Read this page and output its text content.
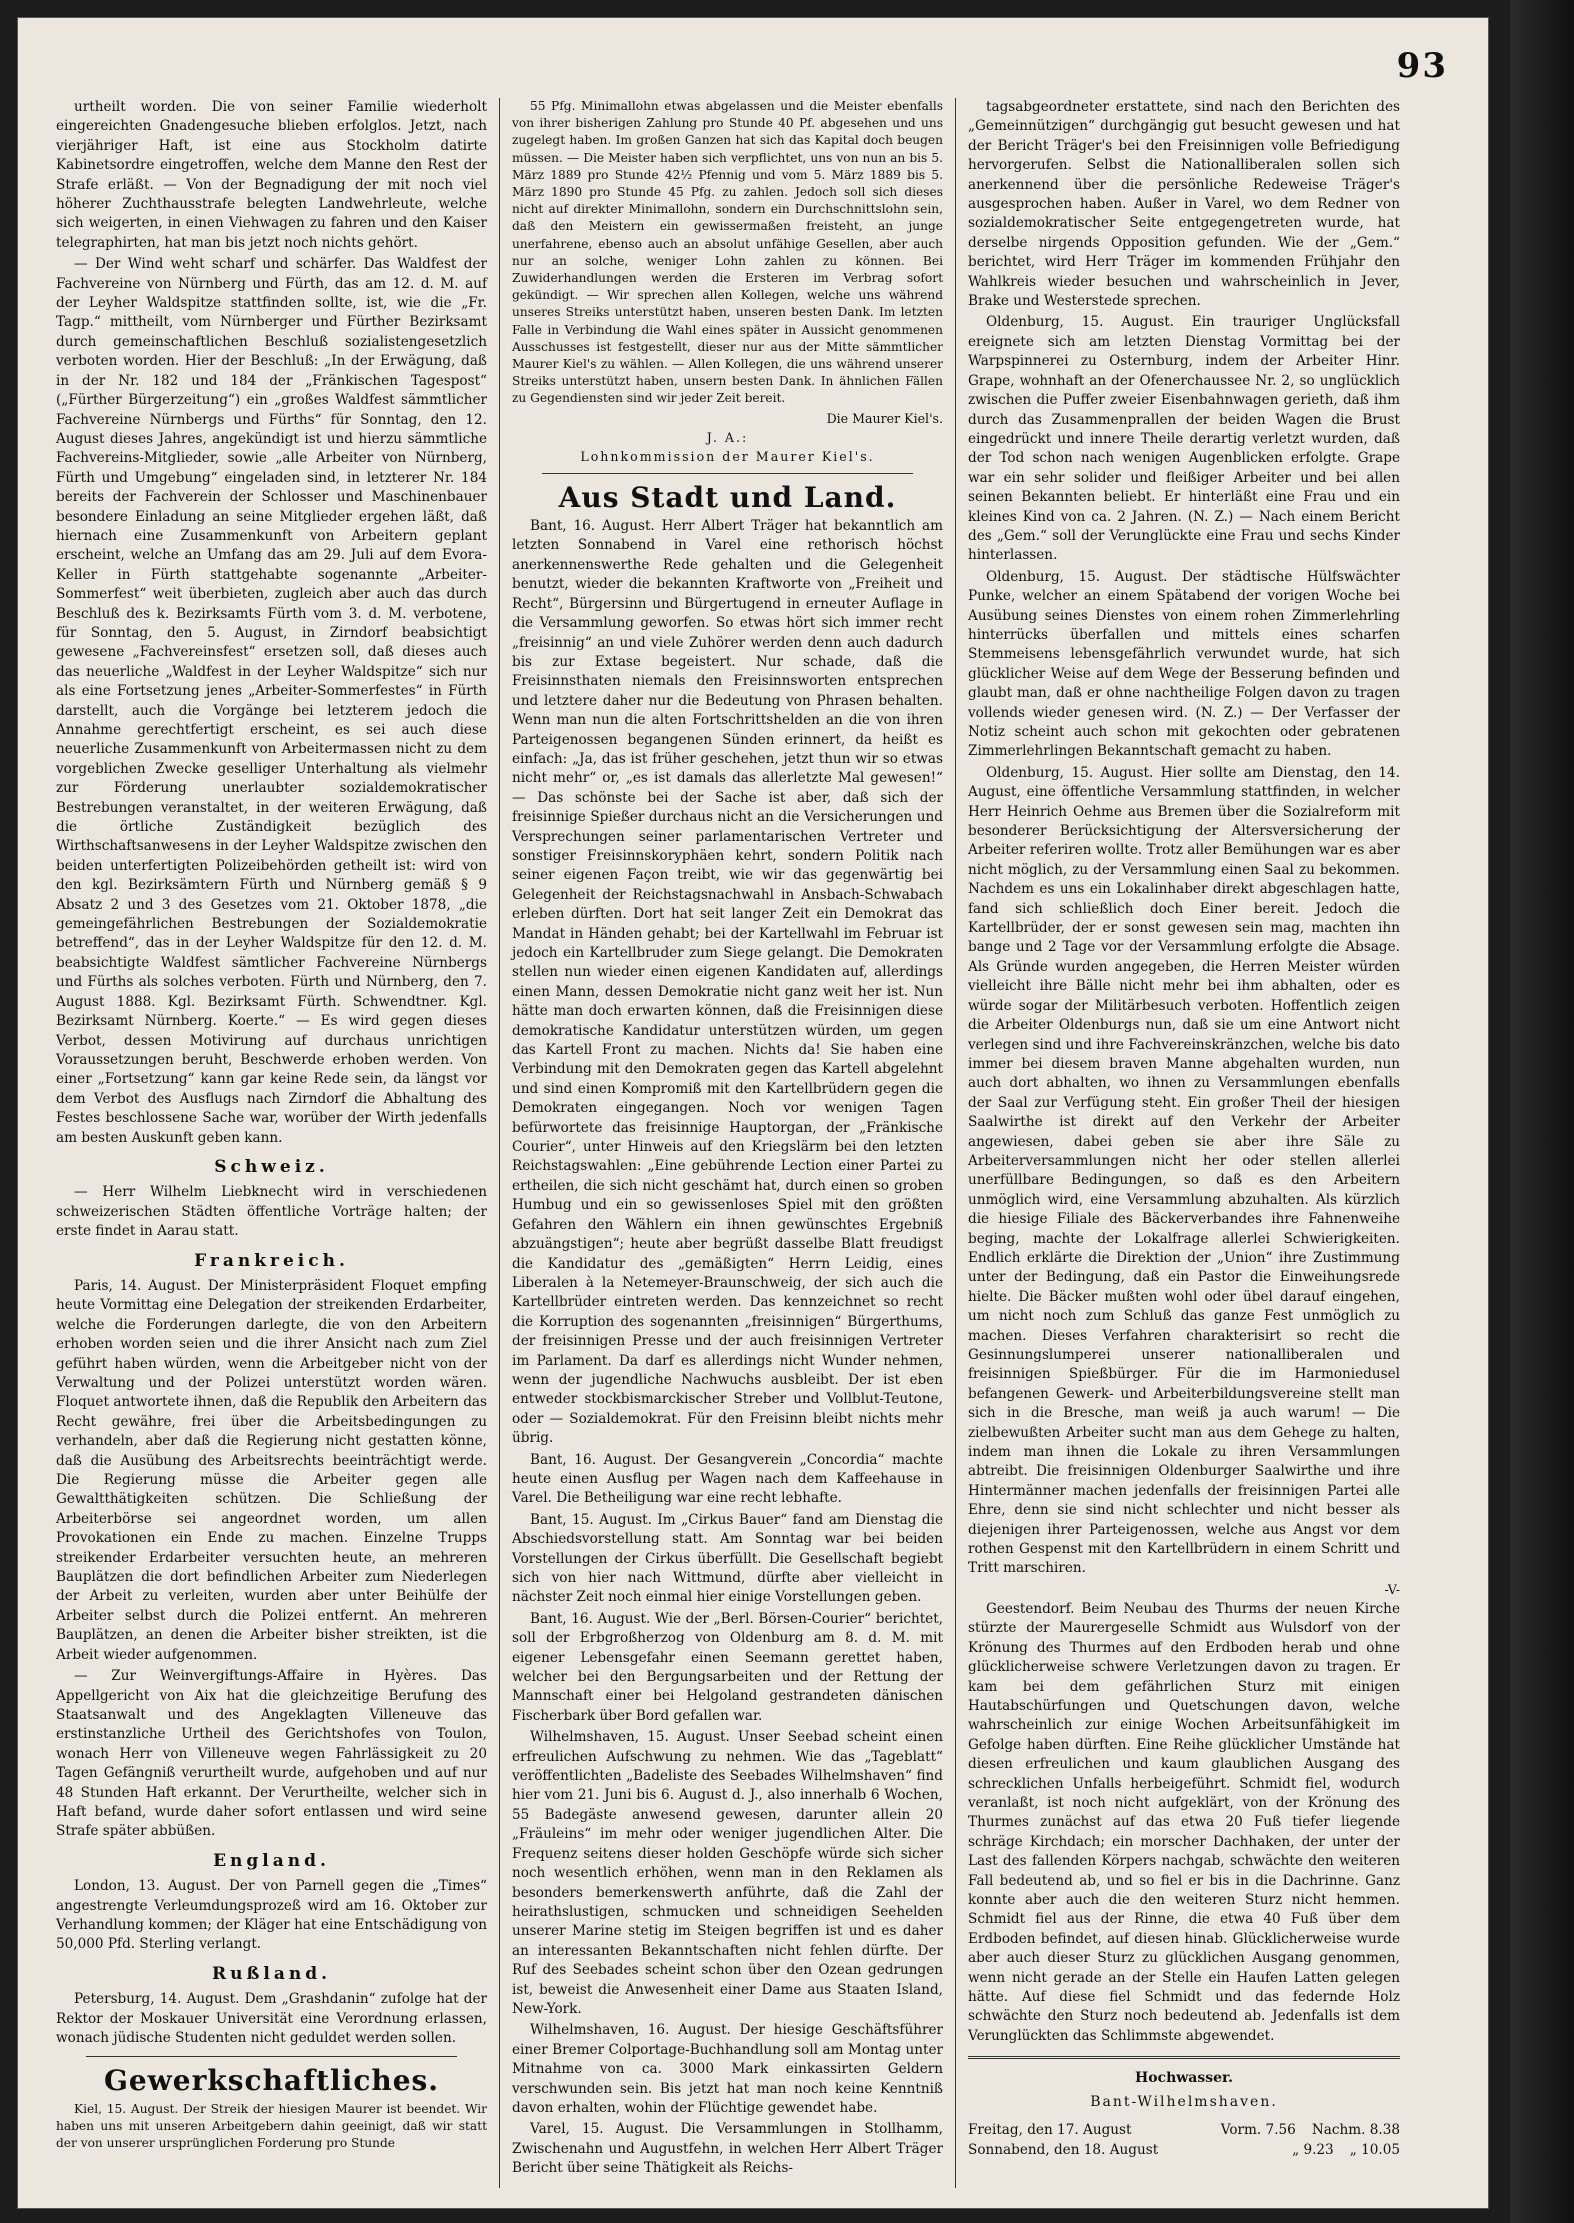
93

urtheilt worden. Die von seiner Familie wiederholt eingereichten Gnadengesuche blieben erfolglos. Jetzt, nach vierjähriger Haft, ist eine aus Stockholm datirte Kabinetsordre eingetroffen, welche dem Manne den Rest der Strafe erläßt. — Von der Begnadigung der mit noch viel höherer Zuchthausstrafe belegten Landwehrleute, welche sich weigerten, in einen Viehwagen zu fahren und den Kaiser telegraphirten, hat man bis jetzt noch nichts gehört.

— Der Wind weht scharf und schärfer. Das Waldfest der Fachvereine von Nürnberg und Fürth, das am 12. d. M. auf der Leyher Waldspitze stattfinden sollte, ist, wie die „Fr. Tagp.“ mittheilt, vom Nürnberger und Fürther Bezirksamt durch gemeinschaftlichen Beschluß sozialistengesetzlich verboten worden. Hier der Beschluß: „In der Erwägung, daß in der Nr. 182 und 184 der „Fränkischen Tagespost“ („Fürther Bürgerzeitung“) ein „großes Waldfest sämmtlicher Fachvereine Nürnbergs und Fürths“ für Sonntag, den 12. August dieses Jahres, angekündigt ist und hierzu sämmtliche Fachvereins-Mitglieder, sowie „alle Arbeiter von Nürnberg, Fürth und Umgebung“ eingeladen sind, in letzterer Nr. 184 bereits der Fachverein der Schlosser und Maschinenbauer besondere Einladung an seine Mitglieder ergehen läßt, daß hiernach eine Zusammenkunft von Arbeitern geplant erscheint, welche an Umfang das am 29. Juli auf dem Evora-Keller in Fürth stattgehabte sogenannte „Arbeiter-Sommerfest“ weit überbieten, zugleich aber auch das durch Beschluß des k. Bezirksamts Fürth vom 3. d. M. verbotene, für Sonntag, den 5. August, in Zirndorf beabsichtigt gewesene „Fachvereinsfest“ ersetzen soll, daß dieses auch das neuerliche „Waldfest in der Leyher Waldspitze“ sich nur als eine Fortsetzung jenes „Arbeiter-Sommerfestes“ in Fürth darstellt, auch die Vorgänge bei letzterem jedoch die Annahme gerechtfertigt erscheint, es sei auch diese neuerliche Zusammenkunft von Arbeitermassen nicht zu dem vorgeblichen Zwecke geselliger Unterhaltung als vielmehr zur Förderung unerlaubter sozialdemokratischer Bestrebungen veranstaltet, in der weiteren Erwägung, daß die örtliche Zuständigkeit bezüglich des Wirthschaftsanwesens in der Leyher Waldspitze zwischen den beiden unterfertigten Polizeibehörden getheilt ist: wird von den kgl. Bezirksämtern Fürth und Nürnberg gemäß § 9 Absatz 2 und 3 des Gesetzes vom 21. Oktober 1878, „die gemeingefährlichen Bestrebungen der Sozialdemokratie betreffend“, das in der Leyher Waldspitze für den 12. d. M. beabsichtigte Waldfest sämtlicher Fachvereine Nürnbergs und Fürths als solches verboten. Fürth und Nürnberg, den 7. August 1888. Kgl. Bezirksamt Fürth. Schwendtner. Kgl. Bezirksamt Nürnberg. Koerte.“ — Es wird gegen dieses Verbot, dessen Motivirung auf durchaus unrichtigen Voraussetzungen beruht, Beschwerde erhoben werden. Von einer „Fortsetzung“ kann gar keine Rede sein, da längst vor dem Verbot des Ausflugs nach Zirndorf die Abhaltung des Festes beschlossene Sache war, worüber der Wirth jedenfalls am besten Auskunft geben kann.

Schweiz.

— Herr Wilhelm Liebknecht wird in verschiedenen schweizerischen Städten öffentliche Vorträge halten; der erste findet in Aarau statt.

Frankreich.

Paris, 14. August. Der Ministerpräsident Floquet empfing heute Vormittag eine Delegation der streikenden Erdarbeiter, welche die Forderungen darlegte, die von den Arbeitern erhoben worden seien und die ihrer Ansicht nach zum Ziel geführt haben würden, wenn die Arbeitgeber nicht von der Verwaltung und der Polizei unterstützt worden wären. Floquet antwortete ihnen, daß die Republik den Arbeitern das Recht gewähre, frei über die Arbeitsbedingungen zu verhandeln, aber daß die Regierung nicht gestatten könne, daß die Ausübung des Arbeitsrechts beeinträchtigt werde. Die Regierung müsse die Arbeiter gegen alle Gewaltthätigkeiten schützen. Die Schließung der Arbeiterbörse sei angeordnet worden, um allen Provokationen ein Ende zu machen. Einzelne Trupps streikender Erdarbeiter versuchten heute, an mehreren Bauplätzen die dort befindlichen Arbeiter zum Niederlegen der Arbeit zu verleiten, wurden aber unter Beihülfe der Arbeiter selbst durch die Polizei entfernt. An mehreren Bauplätzen, an denen die Arbeiter bisher streikten, ist die Arbeit wieder aufgenommen.

— Zur Weinvergiftungs-Affaire in Hyères. Das Appellgericht von Aix hat die gleichzeitige Berufung des Staatsanwalt und des Angeklagten Villeneuve das erstinstanzliche Urtheil des Gerichtshofes von Toulon, wonach Herr von Villeneuve wegen Fahrlässigkeit zu 20 Tagen Gefängniß verurtheilt wurde, aufgehoben und auf nur 48 Stunden Haft erkannt. Der Verurtheilte, welcher sich in Haft befand, wurde daher sofort entlassen und wird seine Strafe später abbüßen.

England.

London, 13. August. Der von Parnell gegen die „Times“ angestrengte Verleumdungsprozeß wird am 16. Oktober zur Verhandlung kommen; der Kläger hat eine Entschädigung von 50,000 Pfd. Sterling verlangt.

Rußland.

Petersburg, 14. August. Dem „Grashdanin“ zufolge hat der Rektor der Moskauer Universität eine Verordnung erlassen, wonach jüdische Studenten nicht geduldet werden sollen.

Gewerkschaftliches.

Kiel, 15. August. Der Streik der hiesigen Maurer ist beendet. Wir haben uns mit unseren Arbeitgebern dahin geeinigt, daß wir statt der von unserer ursprünglichen Forderung pro Stunde

55 Pfg. Minimallohn etwas abgelassen und die Meister ebenfalls von ihrer bisherigen Zahlung pro Stunde 40 Pf. abgesehen und uns zugelegt haben. Im großen Ganzen hat sich das Kapital doch beugen müssen. — Die Meister haben sich verpflichtet, uns von nun an bis 5. März 1889 pro Stunde 42½ Pfennig und vom 5. März 1889 bis 5. März 1890 pro Stunde 45 Pfg. zu zahlen. Jedoch soll sich dieses nicht auf direkter Minimallohn, sondern ein Durchschnittslohn sein, daß den Meistern ein gewissermaßen freisteht, an junge unerfahrene, ebenso auch an absolut unfähige Gesellen, aber auch nur an solche, weniger Lohn zahlen zu können. Bei Zuwiderhandlungen werden die Ersteren im Verbrag sofort gekündigt. — Wir sprechen allen Kollegen, welche uns während unseres Streiks unterstützt haben, unseren besten Dank. Im letzten Falle in Verbindung die Wahl eines später in Aussicht genommenen Ausschusses ist festgestellt, dieser nur aus der Mitte sämmtlicher Maurer Kiel's zu wählen. — Allen Kollegen, die uns während unserer Streiks unterstützt haben, unsern besten Dank. In ähnlichen Fällen zu Gegendiensten sind wir jeder Zeit bereit.

Die Maurer Kiel's.
J. A.:
Lohnkommission der Maurer Kiel's.
Aus Stadt und Land.

Bant, 16. August. Herr Albert Träger hat bekanntlich am letzten Sonnabend in Varel eine rethorisch höchst anerkennenswerthe Rede gehalten und die Gelegenheit benutzt, wieder die bekannten Kraftworte von „Freiheit und Recht“, Bürgersinn und Bürgertugend in erneuter Auflage in die Versammlung geworfen. So etwas hört sich immer recht „freisinnig“ an und viele Zuhörer werden denn auch dadurch bis zur Extase begeistert. Nur schade, daß die Freisinnsthaten niemals den Freisinnsworten entsprechen und letztere daher nur die Bedeutung von Phrasen behalten. Wenn man nun die alten Fortschrittshelden an die von ihren Parteigenossen begangenen Sünden erinnert, da heißt es einfach: „Ja, das ist früher geschehen, jetzt thun wir so etwas nicht mehr“ or, „es ist damals das allerletzte Mal gewesen!“ — Das schönste bei der Sache ist aber, daß sich der freisinnige Spießer durchaus nicht an die Versicherungen und Versprechungen seiner parlamentarischen Vertreter und sonstiger Freisinnskoryphäen kehrt, sondern Politik nach seiner eigenen Façon treibt, wie wir das gegenwärtig bei Gelegenheit der Reichstagsnachwahl in Ansbach-Schwabach erleben dürften. Dort hat seit langer Zeit ein Demokrat das Mandat in Händen gehabt; bei der Kartellwahl im Februar ist jedoch ein Kartellbruder zum Siege gelangt. Die Demokraten stellen nun wieder einen eigenen Kandidaten auf, allerdings einen Mann, dessen Demokratie nicht ganz weit her ist. Nun hätte man doch erwarten können, daß die Freisinnigen diese demokratische Kandidatur unterstützen würden, um gegen das Kartell Front zu machen. Nichts da! Sie haben eine Verbindung mit den Demokraten gegen das Kartell abgelehnt und sind einen Kompromiß mit den Kartellbrüdern gegen die Demokraten eingegangen. Noch vor wenigen Tagen befürwortete das freisinnige Hauptorgan, der „Fränkische Courier“, unter Hinweis auf den Kriegslärm bei den letzten Reichstagswahlen: „Eine gebührende Lection einer Partei zu ertheilen, die sich nicht geschämt hat, durch einen so groben Humbug und ein so gewissenloses Spiel mit den größten Gefahren den Wählern ein ihnen gewünschtes Ergebniß abzuängstigen“; heute aber begrüßt dasselbe Blatt freudigst die Kandidatur des „gemäßigten“ Herrn Leidig, eines Liberalen à la Netemeyer-Braunschweig, der sich auch die Kartellbrüder eintreten werden. Das kennzeichnet so recht die Korruption des sogenannten „freisinnigen“ Bürgerthums, der freisinnigen Presse und der auch freisinnigen Vertreter im Parlament. Da darf es allerdings nicht Wunder nehmen, wenn der jugendliche Nachwuchs ausbleibt. Der ist eben entweder stockbismarckischer Streber und Vollblut-Teutone, oder — Sozialdemokrat. Für den Freisinn bleibt nichts mehr übrig.

Bant, 16. August. Der Gesangverein „Concordia“ machte heute einen Ausflug per Wagen nach dem Kaffeehause in Varel. Die Betheiligung war eine recht lebhafte.

Bant, 15. August. Im „Cirkus Bauer“ fand am Dienstag die Abschiedsvorstellung statt. Am Sonntag war bei beiden Vorstellungen der Cirkus überfüllt. Die Gesellschaft begiebt sich von hier nach Wittmund, dürfte aber vielleicht in nächster Zeit noch einmal hier einige Vorstellungen geben.

Bant, 16. August. Wie der „Berl. Börsen-Courier“ berichtet, soll der Erbgroßherzog von Oldenburg am 8. d. M. mit eigener Lebensgefahr einen Seemann gerettet haben, welcher bei den Bergungsarbeiten und der Rettung der Mannschaft einer bei Helgoland gestrandeten dänischen Fischerbark über Bord gefallen war.

Wilhelmshaven, 15. August. Unser Seebad scheint einen erfreulichen Aufschwung zu nehmen. Wie das „Tageblatt“ veröffentlichten „Badeliste des Seebades Wilhelmshaven“ find hier vom 21. Juni bis 6. August d. J., also innerhalb 6 Wochen, 55 Badegäste anwesend gewesen, darunter allein 20 „Fräuleins“ im mehr oder weniger jugendlichen Alter. Die Frequenz seitens dieser holden Geschöpfe würde sich sicher noch wesentlich erhöhen, wenn man in den Reklamen als besonders bemerkenswerth anführte, daß die Zahl der heirathslustigen, schmucken und schneidigen Seehelden unserer Marine stetig im Steigen begriffen ist und es daher an interessanten Bekanntschaften nicht fehlen dürfte. Der Ruf des Seebades scheint schon über den Ozean gedrungen ist, beweist die Anwesenheit einer Dame aus Staaten Island, New-York.

Wilhelmshaven, 16. August. Der hiesige Geschäftsführer einer Bremer Colportage-Buchhandlung soll am Montag unter Mitnahme von ca. 3000 Mark einkassirten Geldern verschwunden sein. Bis jetzt hat man noch keine Kenntniß davon erhalten, wohin der Flüchtige gewendet habe.

Varel, 15. August. Die Versammlungen in Stollhamm, Zwischenahn und Augustfehn, in welchen Herr Albert Träger Bericht über seine Thätigkeit als Reichs-

tagsabgeordneter erstattete, sind nach den Berichten des „Gemeinnützigen“ durchgängig gut besucht gewesen und hat der Bericht Träger's bei den Freisinnigen volle Befriedigung hervorgerufen. Selbst die Nationalliberalen sollen sich anerkennend über die persönliche Redeweise Träger's ausgesprochen haben. Außer in Varel, wo dem Redner von sozialdemokratischer Seite entgegengetreten wurde, hat derselbe nirgends Opposition gefunden. Wie der „Gem.“ berichtet, wird Herr Träger im kommenden Frühjahr den Wahlkreis wieder besuchen und wahrscheinlich in Jever, Brake und Westerstede sprechen.

Oldenburg, 15. August. Ein trauriger Unglücksfall ereignete sich am letzten Dienstag Vormittag bei der Warpspinnerei zu Osternburg, indem der Arbeiter Hinr. Grape, wohnhaft an der Ofenerchaussee Nr. 2, so unglücklich zwischen die Puffer zweier Eisenbahnwagen gerieth, daß ihm durch das Zusammenprallen der beiden Wagen die Brust eingedrückt und innere Theile derartig verletzt wurden, daß der Tod schon nach wenigen Augenblicken erfolgte. Grape war ein sehr solider und fleißiger Arbeiter und bei allen seinen Bekannten beliebt. Er hinterläßt eine Frau und ein kleines Kind von ca. 2 Jahren. (N. Z.) — Nach einem Bericht des „Gem.“ soll der Verunglückte eine Frau und sechs Kinder hinterlassen.

Oldenburg, 15. August. Der städtische Hülfswächter Punke, welcher an einem Spätabend der vorigen Woche bei Ausübung seines Dienstes von einem rohen Zimmerlehrling hinterrücks überfallen und mittels eines scharfen Stemmeisens lebensgefährlich verwundet wurde, hat sich glücklicher Weise auf dem Wege der Besserung befinden und glaubt man, daß er ohne nachtheilige Folgen davon zu tragen vollends wieder genesen wird. (N. Z.) — Der Verfasser der Notiz scheint auch schon mit gekochten oder gebratenen Zimmerlehrlingen Bekanntschaft gemacht zu haben.

Oldenburg, 15. August. Hier sollte am Dienstag, den 14. August, eine öffentliche Versammlung stattfinden, in welcher Herr Heinrich Oehme aus Bremen über die Sozialreform mit besonderer Berücksichtigung der Altersversicherung der Arbeiter referiren wollte. Trotz aller Bemühungen war es aber nicht möglich, zu der Versammlung einen Saal zu bekommen. Nachdem es uns ein Lokalinhaber direkt abgeschlagen hatte, fand sich schließlich doch Einer bereit. Jedoch die Kartellbrüder, der er sonst gewesen sein mag, machten ihn bange und 2 Tage vor der Versammlung erfolgte die Absage. Als Gründe wurden angegeben, die Herren Meister würden vielleicht ihre Bälle nicht mehr bei ihm abhalten, oder es würde sogar der Militärbesuch verboten. Hoffentlich zeigen die Arbeiter Oldenburgs nun, daß sie um eine Antwort nicht verlegen sind und ihre Fachvereinskränzchen, welche bis dato immer bei diesem braven Manne abgehalten wurden, nun auch dort abhalten, wo ihnen zu Versammlungen ebenfalls der Saal zur Verfügung steht. Ein großer Theil der hiesigen Saalwirthe ist direkt auf den Verkehr der Arbeiter angewiesen, dabei geben sie aber ihre Säle zu Arbeiterversammlungen nicht her oder stellen allerlei unerfüllbare Bedingungen, so daß es den Arbeitern unmöglich wird, eine Versammlung abzuhalten. Als kürzlich die hiesige Filiale des Bäckerverbandes ihre Fahnenweihe beging, machte der Lokalfrage allerlei Schwierigkeiten. Endlich erklärte die Direktion der „Union“ ihre Zustimmung unter der Bedingung, daß ein Pastor die Einweihungsrede hielte. Die Bäcker mußten wohl oder übel darauf eingehen, um nicht noch zum Schluß das ganze Fest unmöglich zu machen. Dieses Verfahren charakterisirt so recht die Gesinnungslumperei unserer nationalliberalen und freisinnigen Spießbürger. Für die im Harmoniedusel befangenen Gewerk- und Arbeiterbildungsvereine stellt man sich in die Bresche, man weiß ja auch warum! — Die zielbewußten Arbeiter sucht man aus dem Gehege zu halten, indem man ihnen die Lokale zu ihren Versammlungen abtreibt. Die freisinnigen Oldenburger Saalwirthe und ihre Hintermänner machen jedenfalls der freisinnigen Partei alle Ehre, denn sie sind nicht schlechter und nicht besser als diejenigen ihrer Parteigenossen, welche aus Angst vor dem rothen Gespenst mit den Kartellbrüdern in einem Schritt und Tritt marschiren.

-V-

Geestendorf. Beim Neubau des Thurms der neuen Kirche stürzte der Maurergeselle Schmidt aus Wulsdorf von der Krönung des Thurmes auf den Erdboden herab und ohne glücklicherweise schwere Verletzungen davon zu tragen. Er kam bei dem gefährlichen Sturz mit einigen Hautabschürfungen und Quetschungen davon, welche wahrscheinlich zur einige Wochen Arbeitsunfähigkeit im Gefolge haben dürften. Eine Reihe glücklicher Umstände hat diesen erfreulichen und kaum glaublichen Ausgang des schrecklichen Unfalls herbeigeführt. Schmidt fiel, wodurch veranlaßt, ist noch nicht aufgeklärt, von der Krönung des Thurmes zunächst auf das etwa 20 Fuß tiefer liegende schräge Kirchdach; ein morscher Dachhaken, der unter der Last des fallenden Körpers nachgab, schwächte den weiteren Fall bedeutend ab, und so fiel er bis in die Dachrinne. Ganz konnte aber auch die den weiteren Sturz nicht hemmen. Schmidt fiel aus der Rinne, die etwa 40 Fuß über dem Erdboden befindet, auf diesen hinab. Glücklicherweise wurde aber auch dieser Sturz zu glücklichen Ausgang genommen, wenn nicht gerade an der Stelle ein Haufen Latten gelegen hätte. Auf diese fiel Schmidt und das federnde Holz schwächte den Sturz noch bedeutend ab. Jedenfalls ist dem Verunglückten das Schlimmste abgewendet.

Hochwasser.
Bant-Wilhelmshaven.
Freitag, den 17. August	Vorm. 7.56 Nachm. 8.38
Sonnabend, den 18. August	„ 9.23 „ 10.05
